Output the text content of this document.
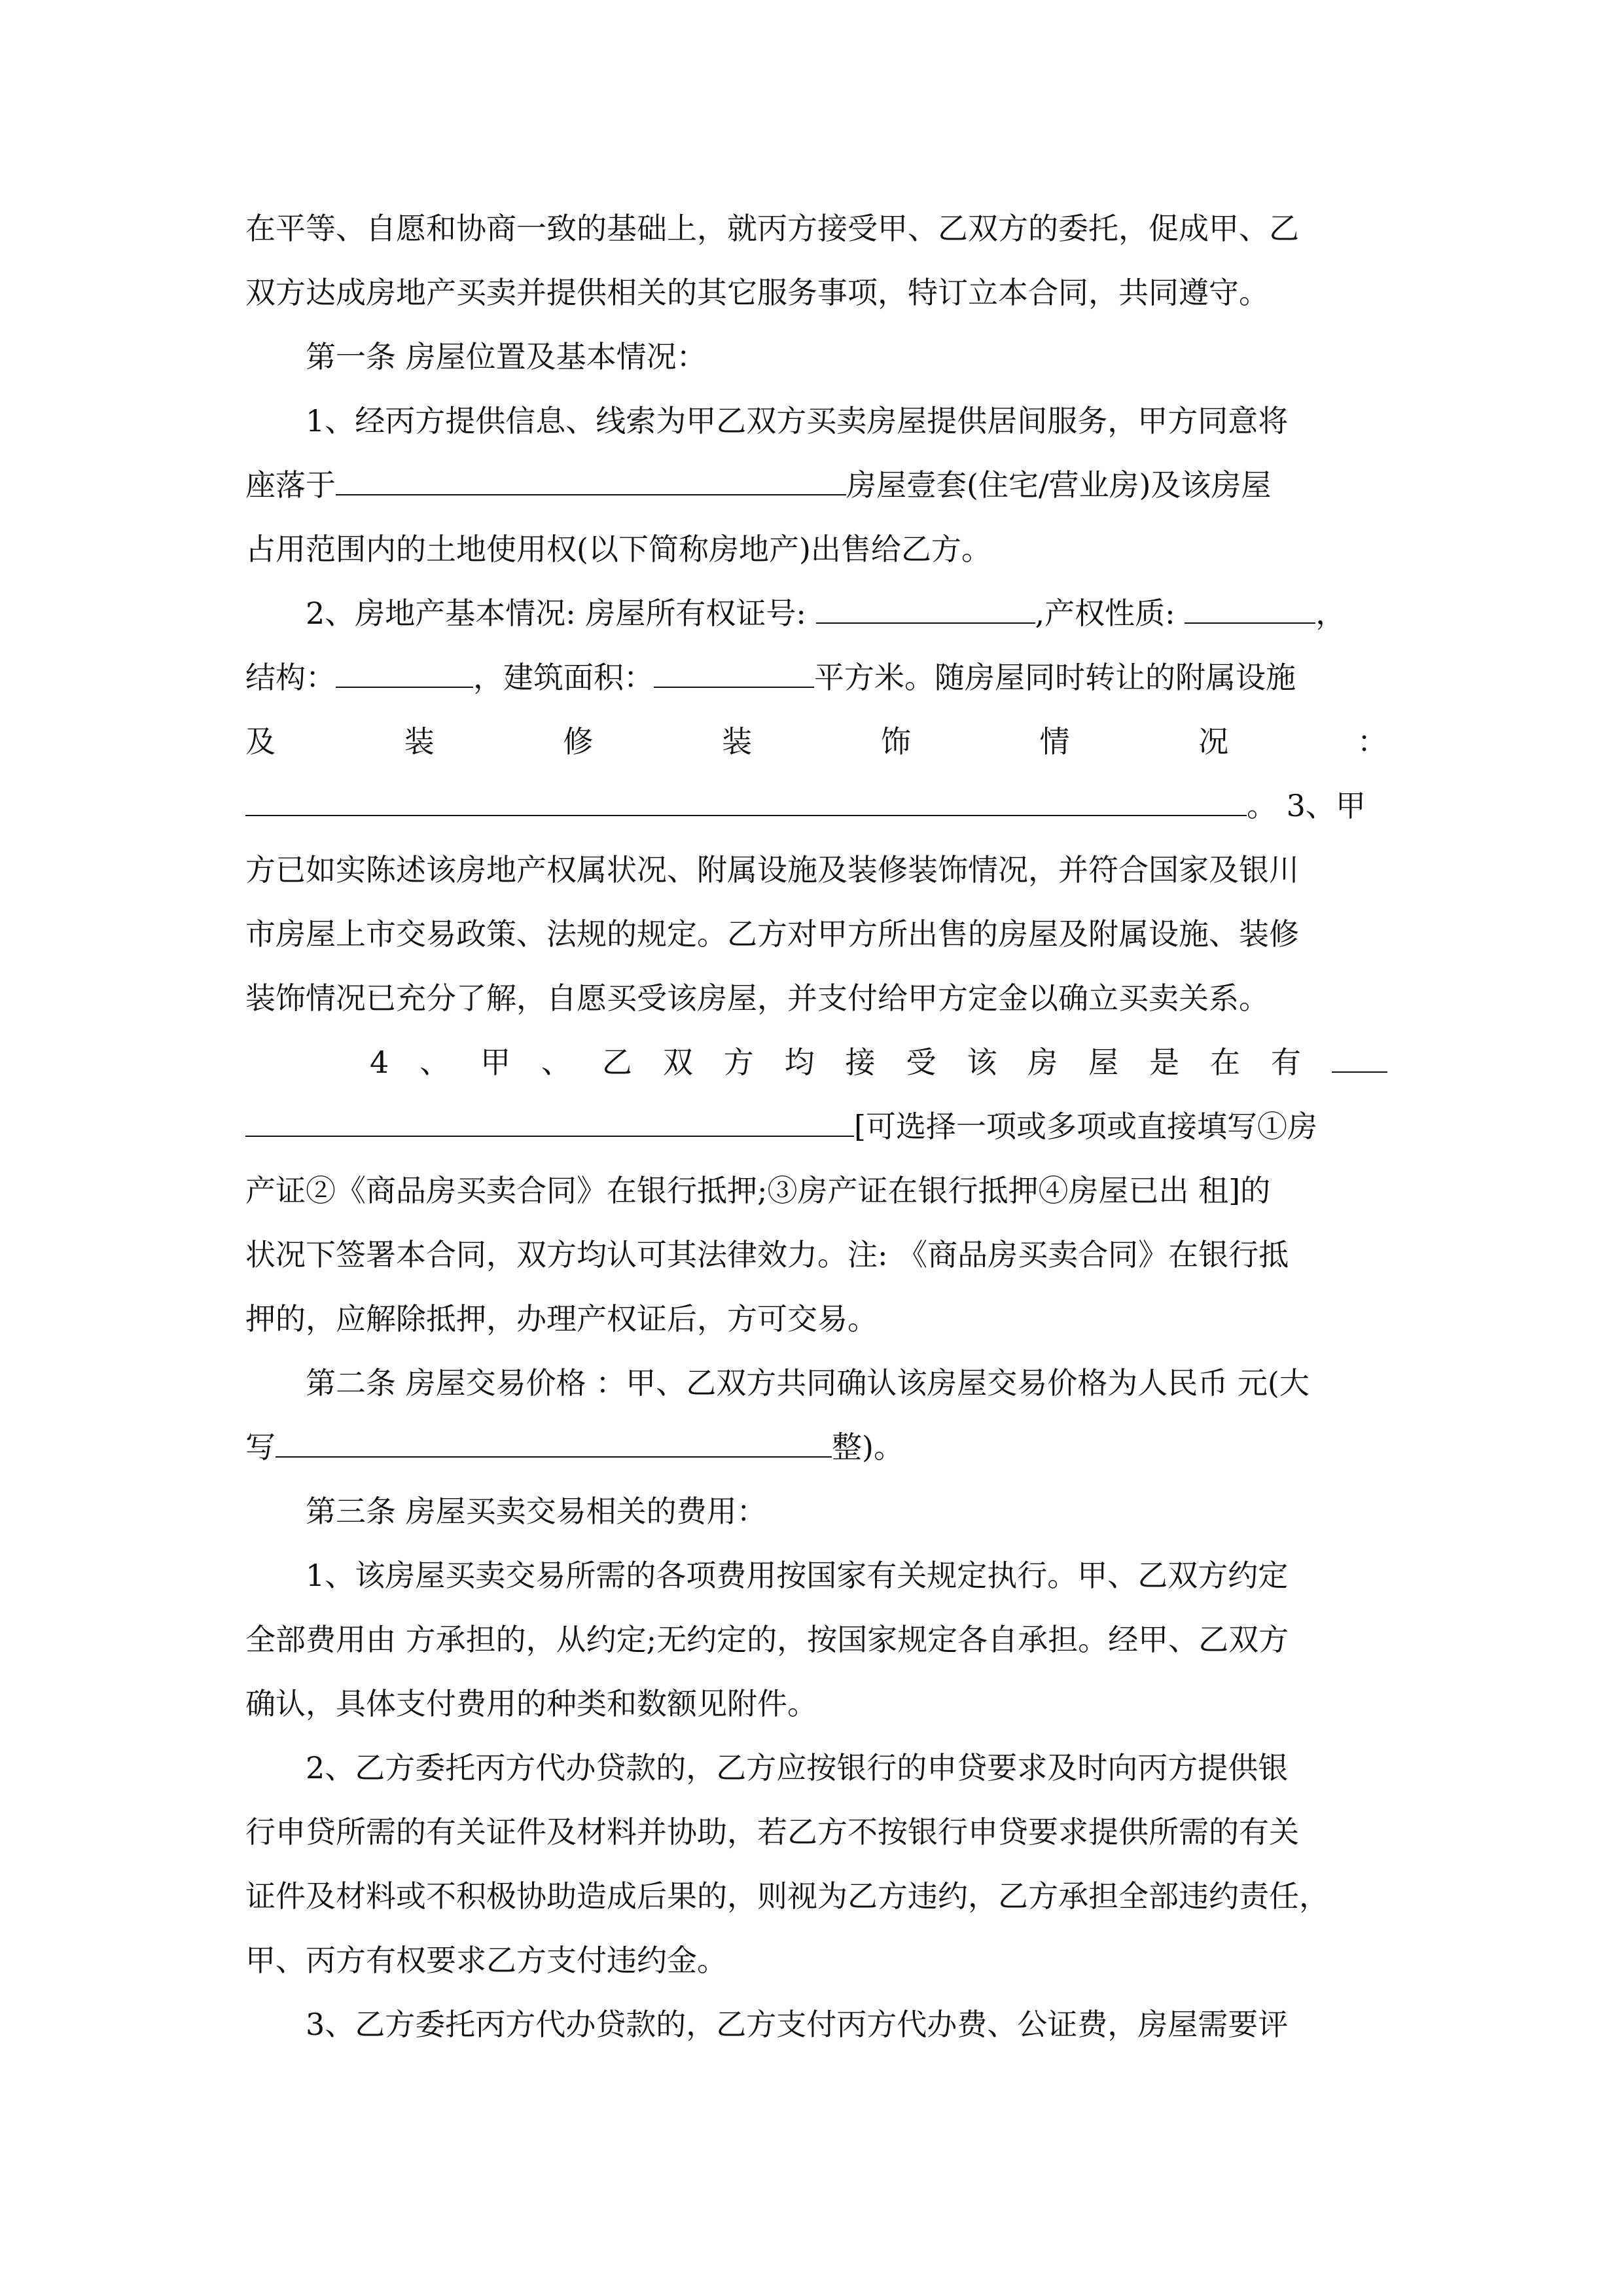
在平等、自愿和协商一致的基础上，就丙方接受甲、乙双方的委托，促成甲、乙
双方达成房地产买卖并提供相关的其它服务事项，特订立本合同，共同遵守。
第一条 房屋位置及基本情况：
1、经丙方提供信息、线索为甲乙双方买卖房屋提供居间服务，甲方同意将
座落于	房屋壹套(住宅/营业房)及该房屋
占用范围内的土地使用权(以下简称房地产)出售给乙方。
2、房地产基本情况: 房屋所有权证号:	,产权性质:	，
结构：	，建筑面积：	平方米。随房屋同时转让的附属设施
及	装	修	装	饰	情	况	：
。 3、甲
方已如实陈述该房地产权属状况、附属设施及装修装饰情况，并符合国家及银川
市房屋上市交易政策、法规的规定。乙方对甲方所出售的房屋及附属设施、装修
装饰情况已充分了解，自愿买受该房屋，并支付给甲方定金以确立买卖关系。
4 、 甲 、 乙 双 方 均 接 受 该 房 屋 是 在 有
[可选择一项或多项或直接填写①房
产证②《商品房买卖合同》在银行抵押;③房产证在银行抵押④房屋已出 租]的
状况下签署本合同，双方均认可其法律效力。注: 《商品房买卖合同》在银行抵
押的，应解除抵押，办理产权证后，方可交易。
第二条 房屋交易价格 ：甲、乙双方共同确认该房屋交易价格为人民币 元(大
写	整)。
第三条 房屋买卖交易相关的费用：
1、该房屋买卖交易所需的各项费用按国家有关规定执行。甲、乙双方约定
全部费用由 方承担的，从约定;无约定的，按国家规定各自承担。经甲、乙双方
确认，具体支付费用的种类和数额见附件。
2、乙方委托丙方代办贷款的，乙方应按银行的申贷要求及时向丙方提供银
行申贷所需的有关证件及材料并协助，若乙方不按银行申贷要求提供所需的有关
证件及材料或不积极协助造成后果的，则视为乙方违约，乙方承担全部违约责任，
甲、丙方有权要求乙方支付违约金。
3、乙方委托丙方代办贷款的，乙方支付丙方代办费、公证费，房屋需要评
